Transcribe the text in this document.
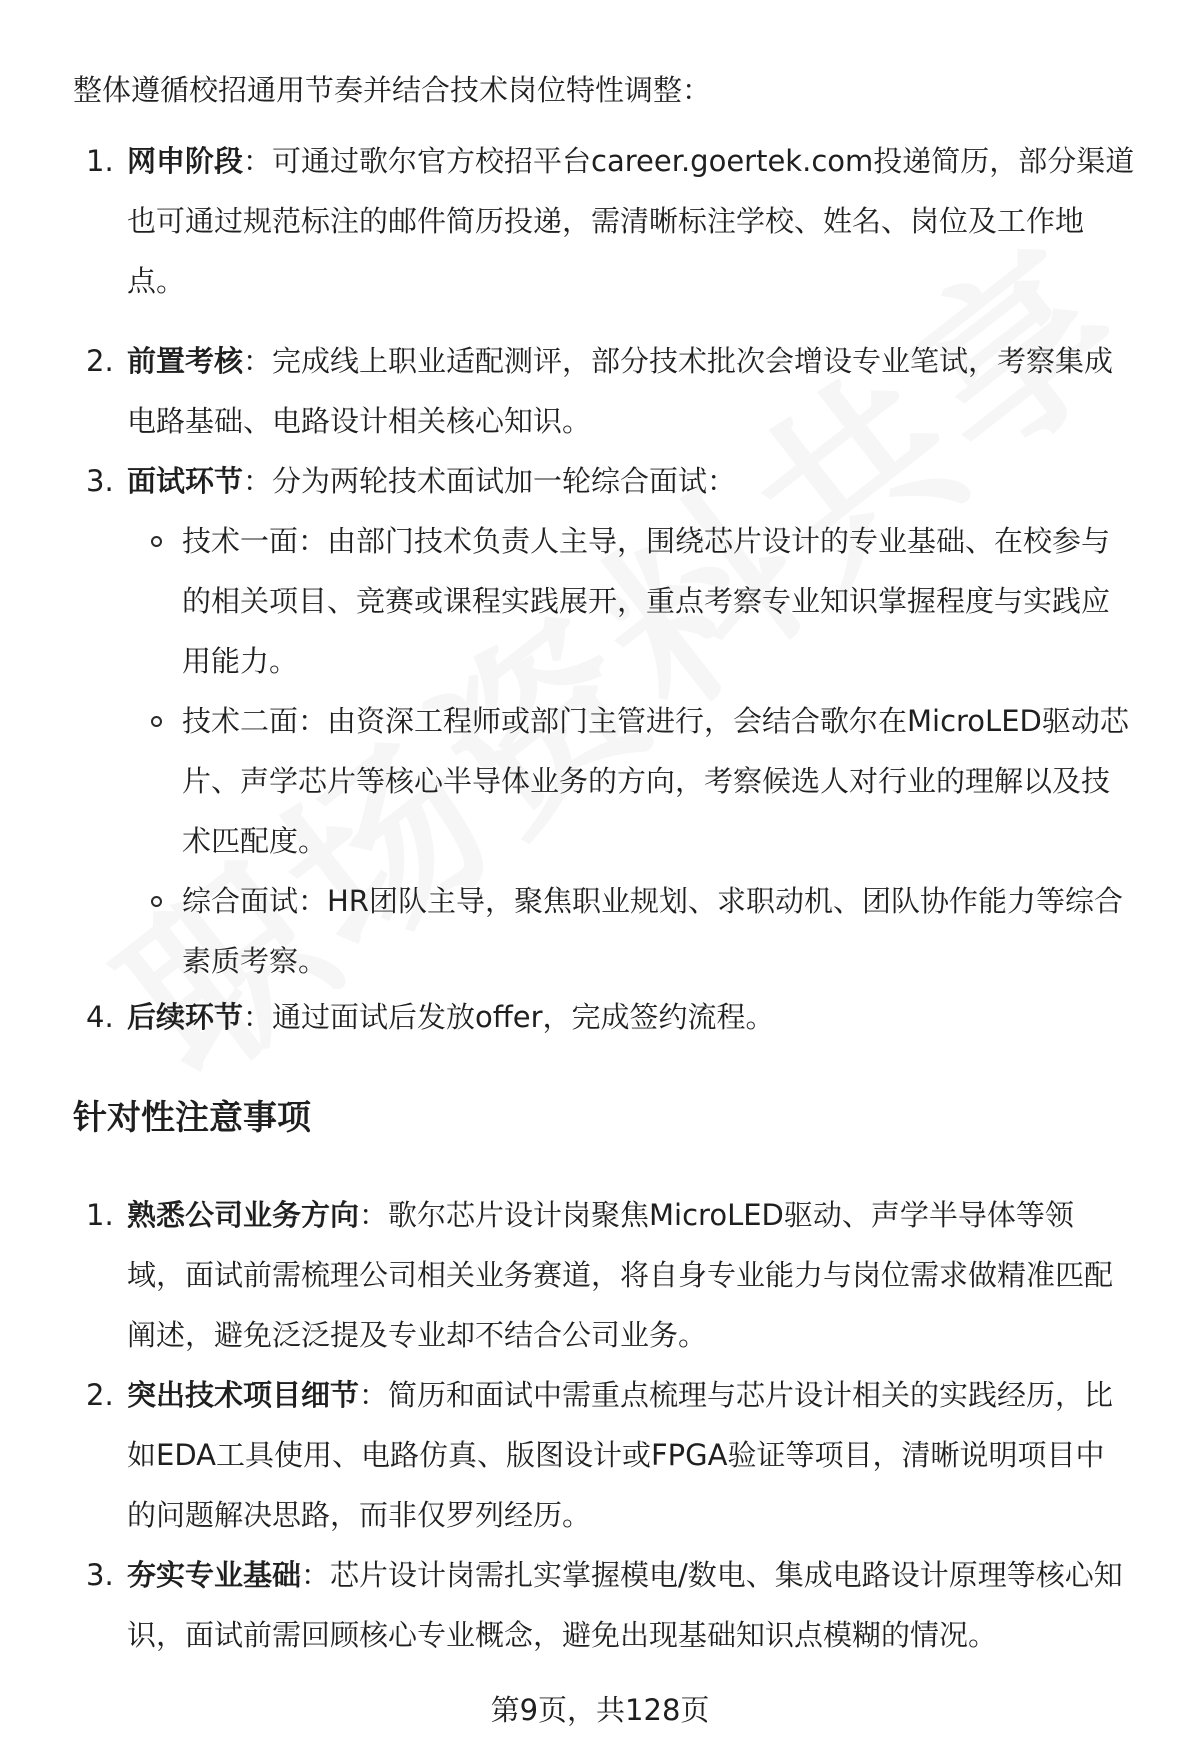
整体遵循校招通用节奏并结合技术岗位特性调整：
1. 网申阶段：可通过歌尔官方校招平台career.goertek.com投递简历，部分渠道
也可通过规范标注的邮件简历投递，需清晰标注学校、姓名、岗位及工作地
点。
2. 前置考核：完成线上职业适配测评，部分技术批次会增设专业笔试，考察集成
电路基础、电路设计相关核心知识。
3. 面试环节：分为两轮技术面试加一轮综合面试：
技术一面：由部门技术负责人主导，围绕芯片设计的专业基础、在校参与
的相关项目、竞赛或课程实践展开，重点考察专业知识掌握程度与实践应
用能力。
技术二面：由资深工程师或部门主管进行，会结合歌尔在MicroLED驱动芯
片、声学芯片等核心半导体业务的方向，考察候选人对行业的理解以及技
术匹配度。
综合面试：HR团队主导，聚焦职业规划、求职动机、团队协作能力等综合
素质考察。
4. 后续环节：通过面试后发放offer，完成签约流程。
针对性注意事项
1. 熟悉公司业务方向：歌尔芯片设计岗聚焦MicroLED驱动、声学半导体等领
域，面试前需梳理公司相关业务赛道，将自身专业能力与岗位需求做精准匹配
阐述，避免泛泛提及专业却不结合公司业务。
2. 突出技术项目细节：简历和面试中需重点梳理与芯片设计相关的实践经历，比
如EDA工具使用、电路仿真、版图设计或FPGA验证等项目，清晰说明项目中
的问题解决思路，而非仅罗列经历。
3. 夯实专业基础：芯片设计岗需扎实掌握模电/数电、集成电路设计原理等核心知
识，面试前需回顾核心专业概念，避免出现基础知识点模糊的情况。
第9页，共128页
